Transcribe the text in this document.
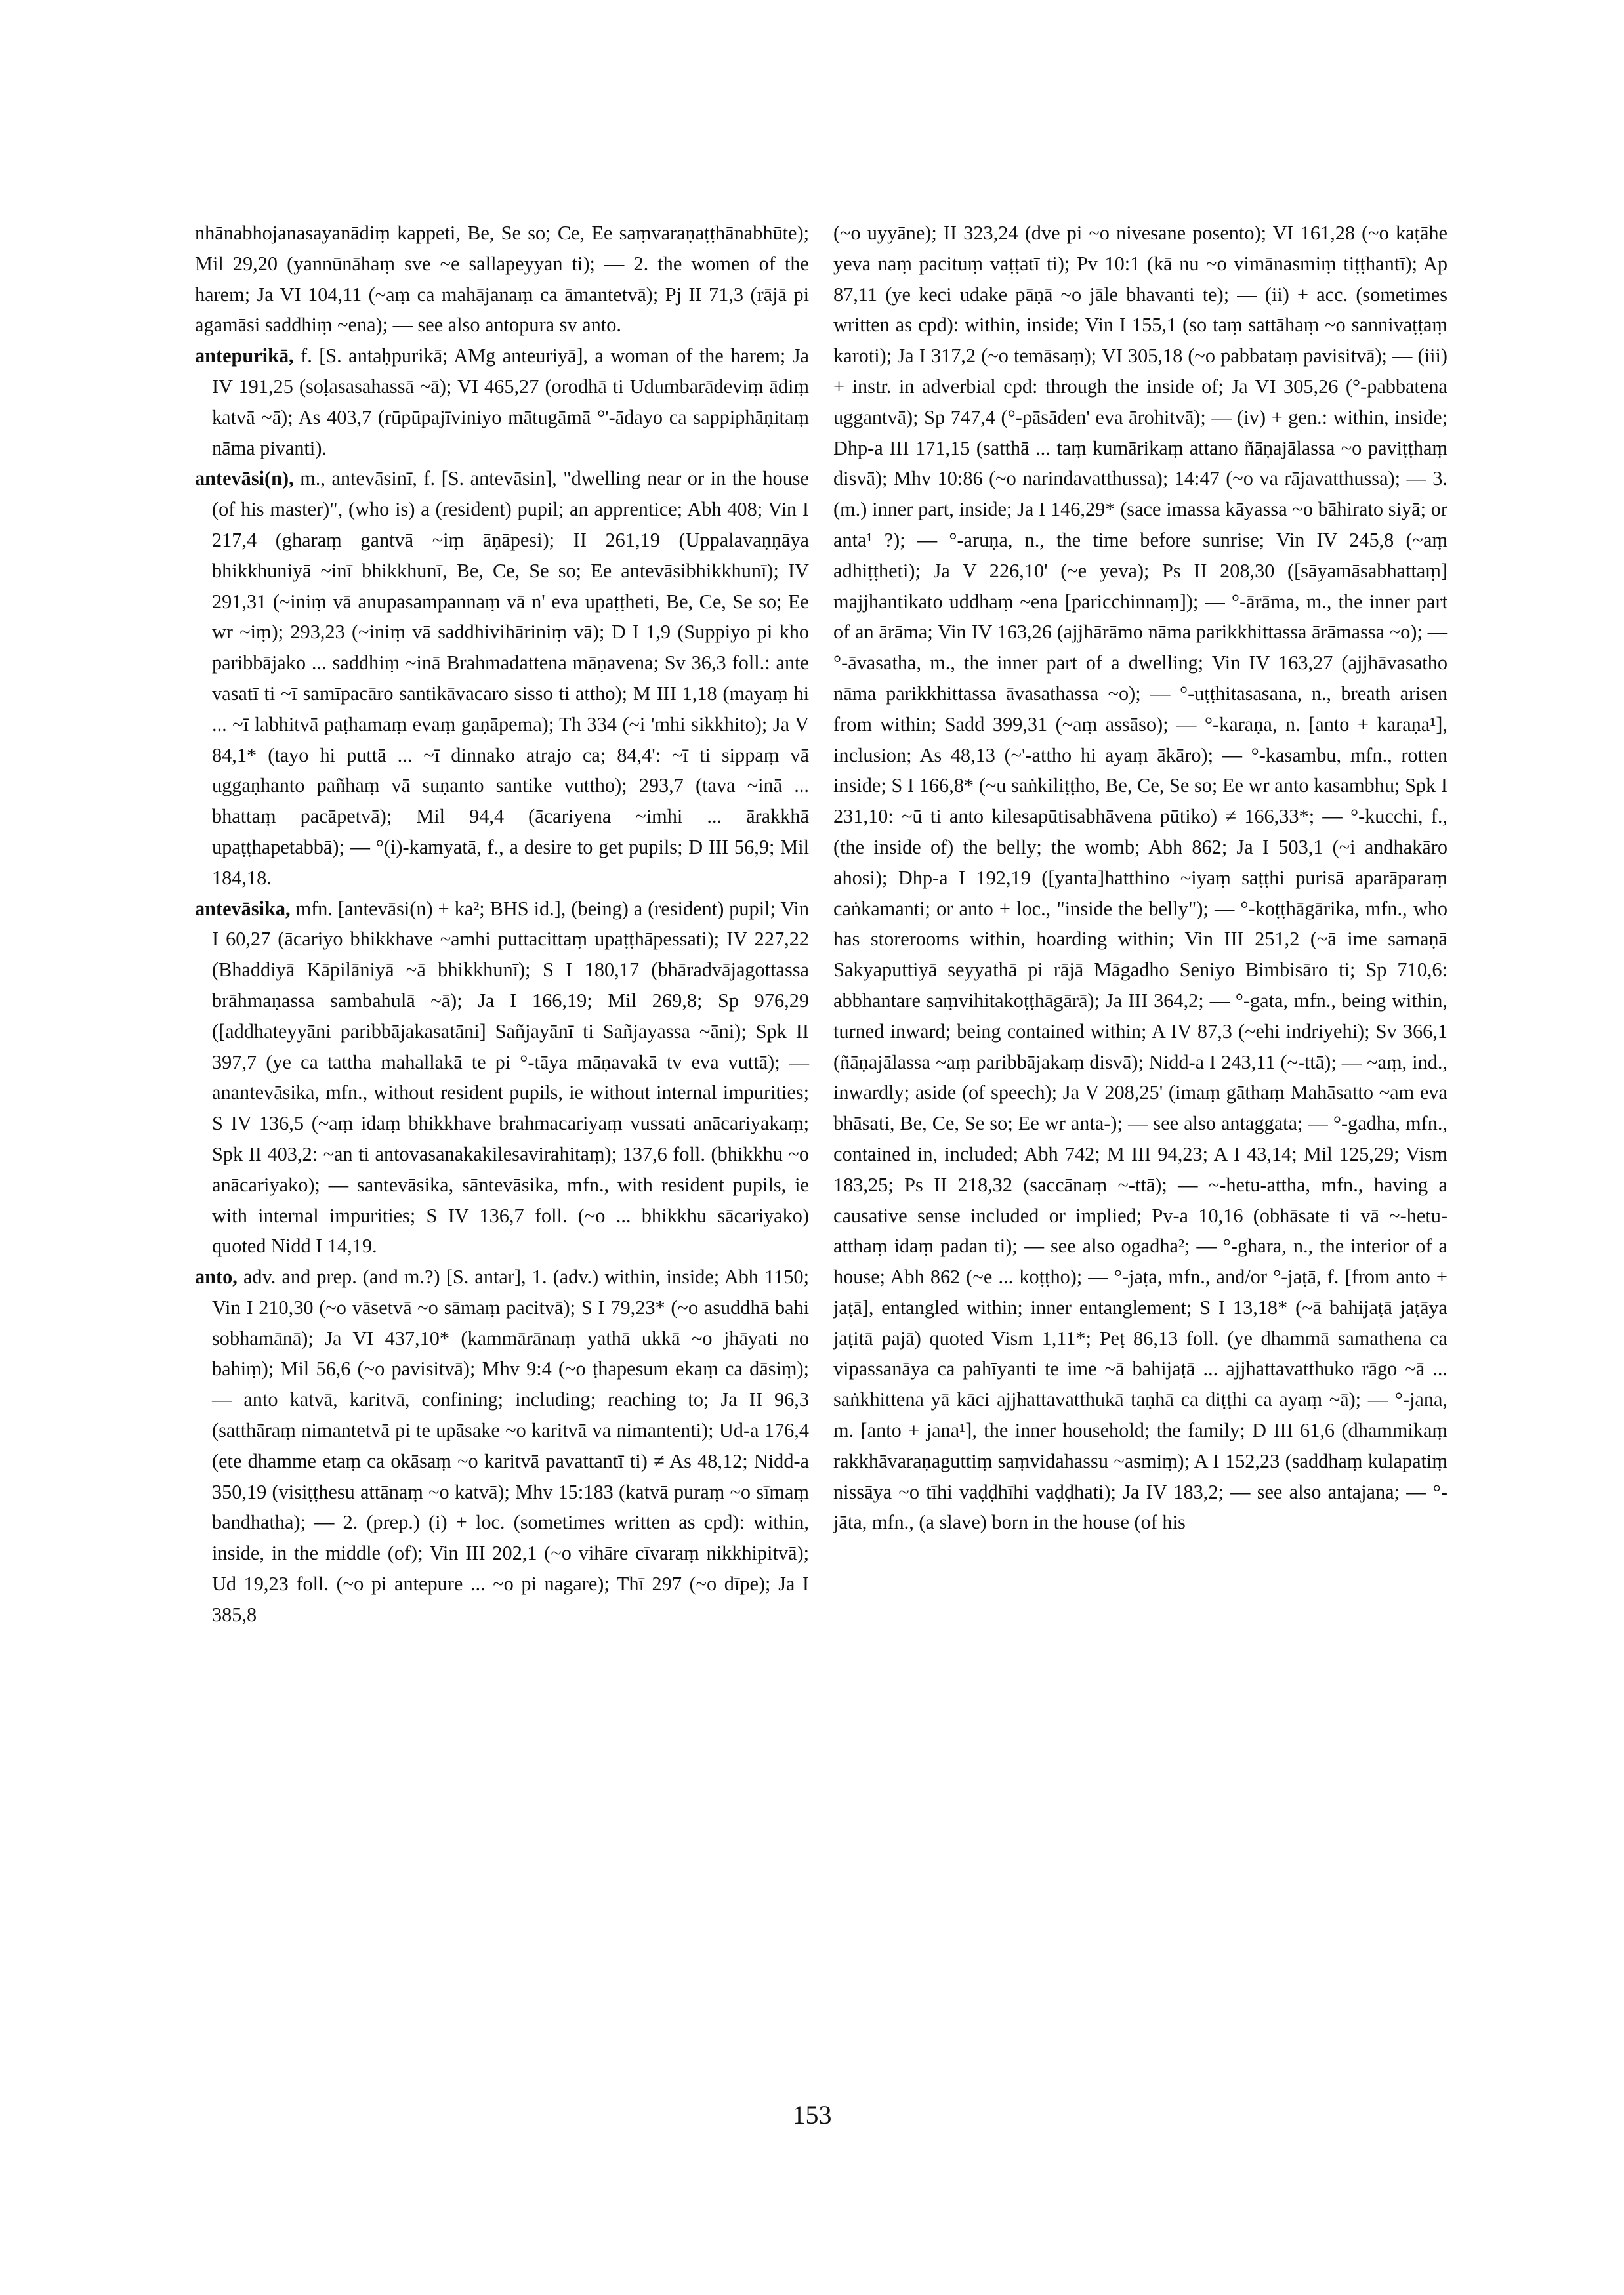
nhānabhojanasayanādiṃ kappeti, Be, Se so; Ce, Ee saṃvaraṇaṭṭhānabhūte); Mil 29,20 (yannūnāhaṃ sve ~e sallapeyyan ti); — 2. the women of the harem; Ja VI 104,11 (~aṃ ca mahājanaṃ ca āmantetvā); Pj II 71,3 (rājā pi agamāsi saddhiṃ ~ena); — see also antopura sv anto.

antepurikā, f. [S. antaḥpurikā; AMg anteuriyā], a woman of the harem; Ja IV 191,25 (soḷasasahassā ~ā); VI 465,27 (orodhā ti Udumbarādeviṃ ādiṃ katvā ~ā); As 403,7 (rūpūpajīviniyo mātugāmā °'-ādayo ca sappiphāṇitaṃ nāma pivanti).

antevāsi(n), m., antevāsinī, f. [S. antevāsin], "dwelling near or in the house (of his master)", (who is) a (resident) pupil; an apprentice; Abh 408; Vin I 217,4 (gharaṃ gantvā ~iṃ āṇāpesi); II 261,19 (Uppalavaṇṇāya bhikkhuniyā ~inī bhikkhunī, Be, Ce, Se so; Ee antevāsibhikkhunī); IV 291,31 (~iniṃ vā anupasampannaṃ vā n' eva upaṭṭheti, Be, Ce, Se so; Ee wr ~iṃ); 293,23 (~iniṃ vā saddhivihāriniṃ vā); D I 1,9 (Suppiyo pi kho paribbājako ... saddhiṃ ~inā Brahmadattena māṇavena; Sv 36,3 foll.: ante vasatī ti ~ī samīpacāro santikāvacaro sisso ti attho); M III 1,18 (mayaṃ hi ... ~ī labhitvā paṭhamaṃ evaṃ gaṇāpema); Th 334 (~i 'mhi sikkhito); Ja V 84,1* (tayo hi puttā ... ~ī dinnako atrajo ca; 84,4': ~ī ti sippaṃ vā uggaṇhanto pañhaṃ vā suṇanto santike vuttho); 293,7 (tava ~inā ... bhattaṃ pacāpetvā); Mil 94,4 (ācariyena ~imhi ... ārakkhā upaṭṭhapetabbā); — °(i)-kamyatā, f., a desire to get pupils; D III 56,9; Mil 184,18.

antevāsika, mfn. [antevāsi(n) + ka²; BHS id.], (being) a (resident) pupil; Vin I 60,27 (ācariyo bhikkhave ~amhi puttacittaṃ upaṭṭhāpessati); IV 227,22 (Bhaddiyā Kāpilāniyā ~ā bhikkhunī); S I 180,17 (bhāradvājagottassa brāhmaṇassa sambahulā ~ā); Ja I 166,19; Mil 269,8; Sp 976,29 ([addhateyyāni paribbājakasatāni] Sañjayānī ti Sañjayassa ~āni); Spk II 397,7 (ye ca tattha mahallakā te pi °-tāya māṇavakā tv eva vuttā); — anantevāsika, mfn., without resident pupils, ie without internal impurities; S IV 136,5 (~aṃ idaṃ bhikkhave brahmacariyaṃ vussati anācariyakaṃ; Spk II 403,2: ~an ti antovasanakakilesavirahitaṃ); 137,6 foll. (bhikkhu ~o anācariyako); — santevāsika, sāntevāsika, mfn., with resident pupils, ie with internal impurities; S IV 136,7 foll. (~o ... bhikkhu sācariyako) quoted Nidd I 14,19.

anto, adv. and prep. (and m.?) [S. antar], 1. (adv.) within, inside; Abh 1150; Vin I 210,30 (~o vāsetvā ~o sāmaṃ pacitvā); S I 79,23* (~o asuddhā bahi sobhamānā); Ja VI 437,10* (kammārānaṃ yathā ukkā ~o jhāyati no bahiṃ); Mil 56,6 (~o pavisitvā); Mhv 9:4 (~o ṭhapesum ekaṃ ca dāsiṃ); — anto katvā, karitvā, confining; including; reaching to; Ja II 96,3 (satthāraṃ nimantetvā pi te upāsake ~o karitvā va nimantenti); Ud-a 176,4 (ete dhamme etaṃ ca okāsaṃ ~o karitvā pavattantī ti) ≠ As 48,12; Nidd-a 350,19 (visiṭṭhesu attānaṃ ~o katvā); Mhv 15:183 (katvā puraṃ ~o sīmaṃ bandhatha); — 2. (prep.) (i) + loc. (sometimes written as cpd): within, inside, in the middle (of); Vin III 202,1 (~o vihāre cīvaraṃ nikkhipitvā); Ud 19,23 foll. (~o pi antepure ... ~o pi nagare); Thī 297 (~o dīpe); Ja I 385,8

(~o uyyāne); II 323,24 (dve pi ~o nivesane posento); VI 161,28 (~o kaṭāhe yeva naṃ pacituṃ vaṭṭatī ti); Pv 10:1 (kā nu ~o vimānasmiṃ tiṭṭhantī); Ap 87,11 (ye keci udake pāṇā ~o jāle bhavanti te); — (ii) + acc. (sometimes written as cpd): within, inside; Vin I 155,1 (so taṃ sattāhaṃ ~o sannivaṭṭaṃ karoti); Ja I 317,2 (~o temāsaṃ); VI 305,18 (~o pabbataṃ pavisitvā); — (iii) + instr. in adverbial cpd: through the inside of; Ja VI 305,26 (°-pabbatena uggantvā); Sp 747,4 (°-pāsāden' eva ārohitvā); — (iv) + gen.: within, inside; Dhp-a III 171,15 (satthā ... taṃ kumārikaṃ attano ñāṇajālassa ~o paviṭṭhaṃ disvā); Mhv 10:86 (~o narindavatthussa); 14:47 (~o va rājavatthussa); — 3. (m.) inner part, inside; Ja I 146,29* (sace imassa kāyassa ~o bāhirato siyā; or anta¹ ?); — °-aruṇa, n., the time before sunrise; Vin IV 245,8 (~aṃ adhiṭṭheti); Ja V 226,10' (~e yeva); Ps II 208,30 ([sāyamāsabhattaṃ] majjhantikato uddhaṃ ~ena [paricchinnaṃ]); — °-ārāma, m., the inner part of an ārāma; Vin IV 163,26 (ajjhārāmo nāma parikkhittassa ārāmassa ~o); — °-āvasatha, m., the inner part of a dwelling; Vin IV 163,27 (ajjhāvasatho nāma parikkhittassa āvasathassa ~o); — °-uṭṭhitasasana, n., breath arisen from within; Sadd 399,31 (~aṃ assāso); — °-karaṇa, n. [anto + karaṇa¹], inclusion; As 48,13 (~'-attho hi ayaṃ ākāro); — °-kasambu, mfn., rotten inside; S I 166,8* (~u saṅkiliṭṭho, Be, Ce, Se so; Ee wr anto kasambhu; Spk I 231,10: ~ū ti anto kilesapūtisabhāvena pūtiko) ≠ 166,33*; — °-kucchi, f., (the inside of) the belly; the womb; Abh 862; Ja I 503,1 (~i andhakāro ahosi); Dhp-a I 192,19 ([yanta]hatthino ~iyaṃ saṭṭhi purisā aparāparaṃ caṅkamanti; or anto + loc., "inside the belly"); — °-koṭṭhāgārika, mfn., who has storerooms within, hoarding within; Vin III 251,2 (~ā ime samaṇā Sakyaputtiyā seyyathā pi rājā Māgadho Seniyo Bimbisāro ti; Sp 710,6: abbhantare saṃvihitakoṭṭhāgārā); Ja III 364,2; — °-gata, mfn., being within, turned inward; being contained within; A IV 87,3 (~ehi indriyehi); Sv 366,1 (ñāṇajālassa ~aṃ paribbājakaṃ disvā); Nidd-a I 243,11 (~-ttā); — ~aṃ, ind., inwardly; aside (of speech); Ja V 208,25' (imaṃ gāthaṃ Mahāsatto ~am eva bhāsati, Be, Ce, Se so; Ee wr anta-); — see also antaggata; — °-gadha, mfn., contained in, included; Abh 742; M III 94,23; A I 43,14; Mil 125,29; Vism 183,25; Ps II 218,32 (saccānaṃ ~-ttā); — ~-hetu-attha, mfn., having a causative sense included or implied; Pv-a 10,16 (obhāsate ti vā ~-hetu-atthaṃ idaṃ padan ti); — see also ogadha²; — °-ghara, n., the interior of a house; Abh 862 (~e ... koṭṭho); — °-jaṭa, mfn., and/or °-jaṭā, f. [from anto + jaṭā], entangled within; inner entanglement; S I 13,18* (~ā bahijaṭā jaṭāya jaṭitā pajā) quoted Vism 1,11*; Peṭ 86,13 foll. (ye dhammā samathena ca vipassanāya ca pahīyanti te ime ~ā bahijaṭā ... ajjhattavatthuko rāgo ~ā ... saṅkhittena yā kāci ajjhattavatthukā taṇhā ca diṭṭhi ca ayaṃ ~ā); — °-jana, m. [anto + jana¹], the inner household; the family; D III 61,6 (dhammikaṃ rakkhāvaraṇaguttiṃ saṃvidahassu ~asmiṃ); A I 152,23 (saddhaṃ kulapatiṃ nissāya ~o tīhi vaḍḍhīhi vaḍḍhati); Ja IV 183,2; — see also antajana; — °-jāta, mfn., (a slave) born in the house (of his

153
